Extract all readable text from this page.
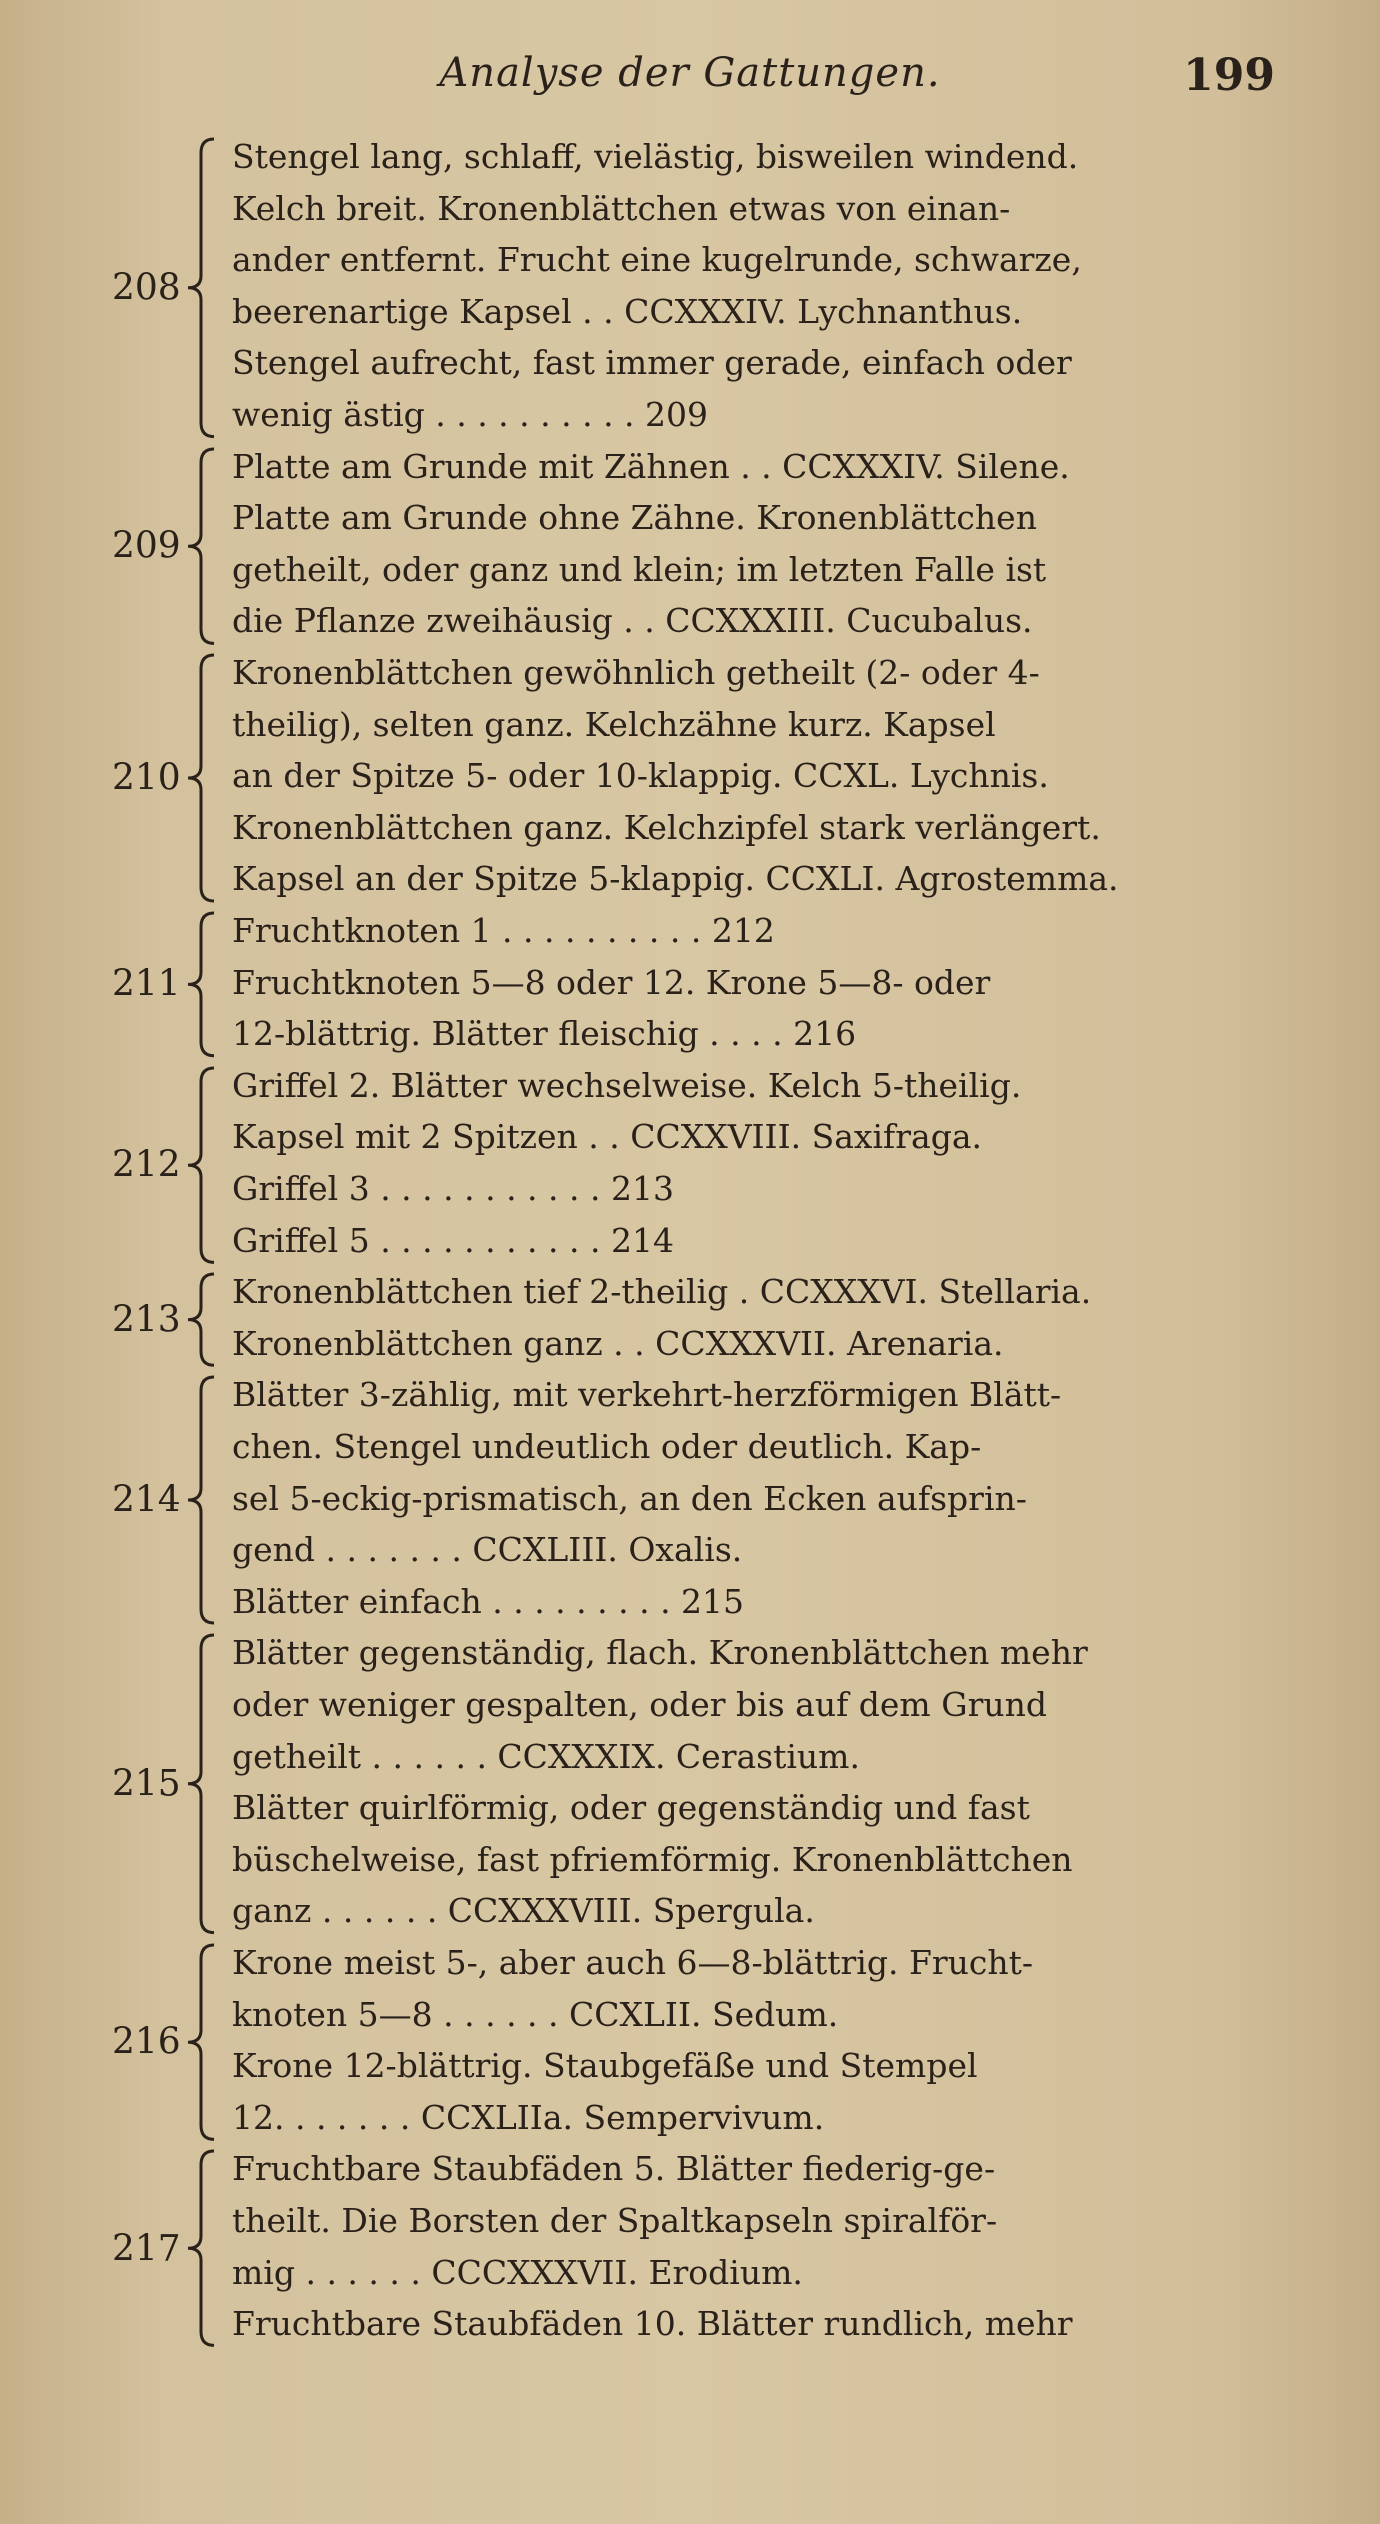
Analyse der Gattungen.	199
208
Stengel lang, schlaff, vielästig, bisweilen windend.
Kelch breit. Kronenblättchen etwas von einan-
ander entfernt. Frucht eine kugelrunde, schwarze,
beerenartige Kapsel . . CCXXXIV. Lychnanthus.
Stengel aufrecht, fast immer gerade, einfach oder
wenig ästig . . . . . . . . . . 209
209
Platte am Grunde mit Zähnen . . CCXXXIV. Silene.
Platte am Grunde ohne Zähne. Kronenblättchen
getheilt, oder ganz und klein; im letzten Falle ist
die Pflanze zweihäusig . . CCXXXIII. Cucubalus.
210
Kronenblättchen gewöhnlich getheilt (2- oder 4-
theilig), selten ganz. Kelchzähne kurz. Kapsel
an der Spitze 5- oder 10-klappig. CCXL. Lychnis.
Kronenblättchen ganz. Kelchzipfel stark verlängert.
Kapsel an der Spitze 5-klappig. CCXLI. Agrostemma.
211
Fruchtknoten 1 . . . . . . . . . . 212
Fruchtknoten 5—8 oder 12. Krone 5—8- oder
12-blättrig. Blätter fleischig . . . . 216
212
Griffel 2. Blätter wechselweise. Kelch 5-theilig.
Kapsel mit 2 Spitzen . . CCXXVIII. Saxifraga.
Griffel 3 . . . . . . . . . . . 213
Griffel 5 . . . . . . . . . . . 214
213
Kronenblättchen tief 2-theilig . CCXXXVI. Stellaria.
Kronenblättchen ganz . . CCXXXVII. Arenaria.
214
Blätter 3-zählig, mit verkehrt-herzförmigen Blätt-
chen. Stengel undeutlich oder deutlich. Kap-
sel 5-eckig-prismatisch, an den Ecken aufsprin-
gend . . . . . . . CCXLIII. Oxalis.
Blätter einfach . . . . . . . . . 215
215
Blätter gegenständig, flach. Kronenblättchen mehr
oder weniger gespalten, oder bis auf dem Grund
getheilt . . . . . . CCXXXIX. Cerastium.
Blätter quirlförmig, oder gegenständig und fast
büschelweise, fast pfriemförmig. Kronenblättchen
ganz . . . . . . CCXXXVIII. Spergula.
216
Krone meist 5-, aber auch 6—8-blättrig. Frucht-
knoten 5—8 . . . . . . CCXLII. Sedum.
Krone 12-blättrig. Staubgefäße und Stempel
12. . . . . . . CCXLIIa. Sempervivum.
217
Fruchtbare Staubfäden 5. Blätter fiederig-ge-
theilt. Die Borsten der Spaltkapseln spiralför-
mig . . . . . . CCCXXXVII. Erodium.
Fruchtbare Staubfäden 10. Blätter rundlich, mehr
